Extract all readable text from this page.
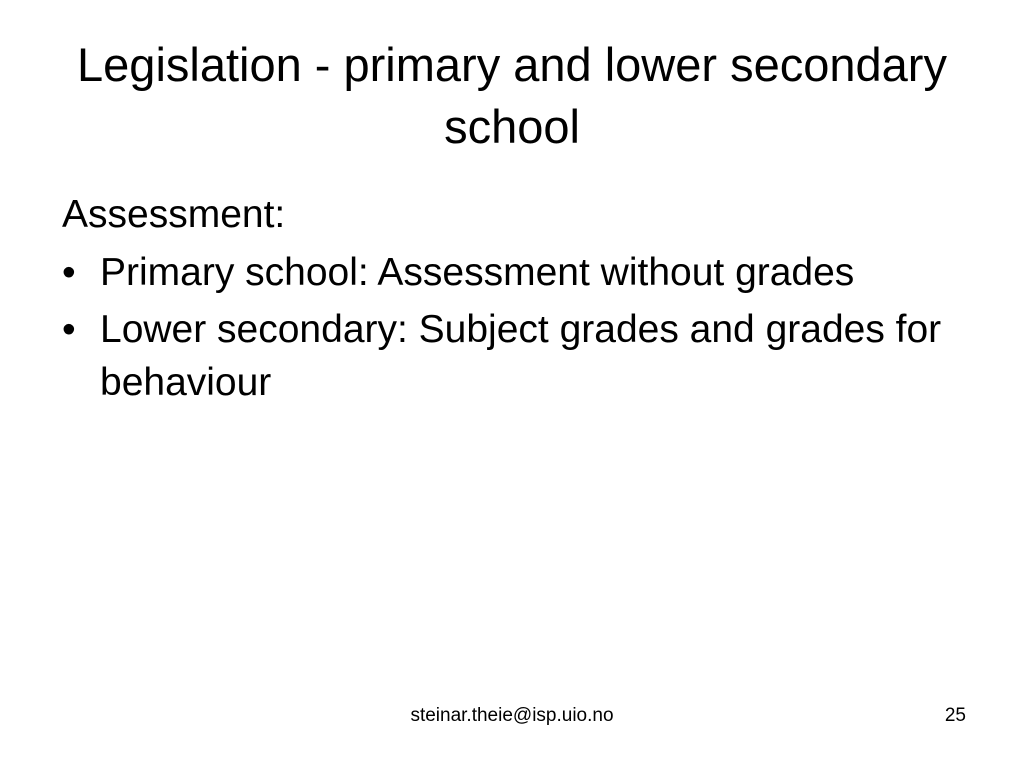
Legislation - primary and lower secondary school
Assessment:
• Primary school: Assessment without grades
• Lower secondary: Subject grades and grades for behaviour
steinar.theie@isp.uio.no	25
